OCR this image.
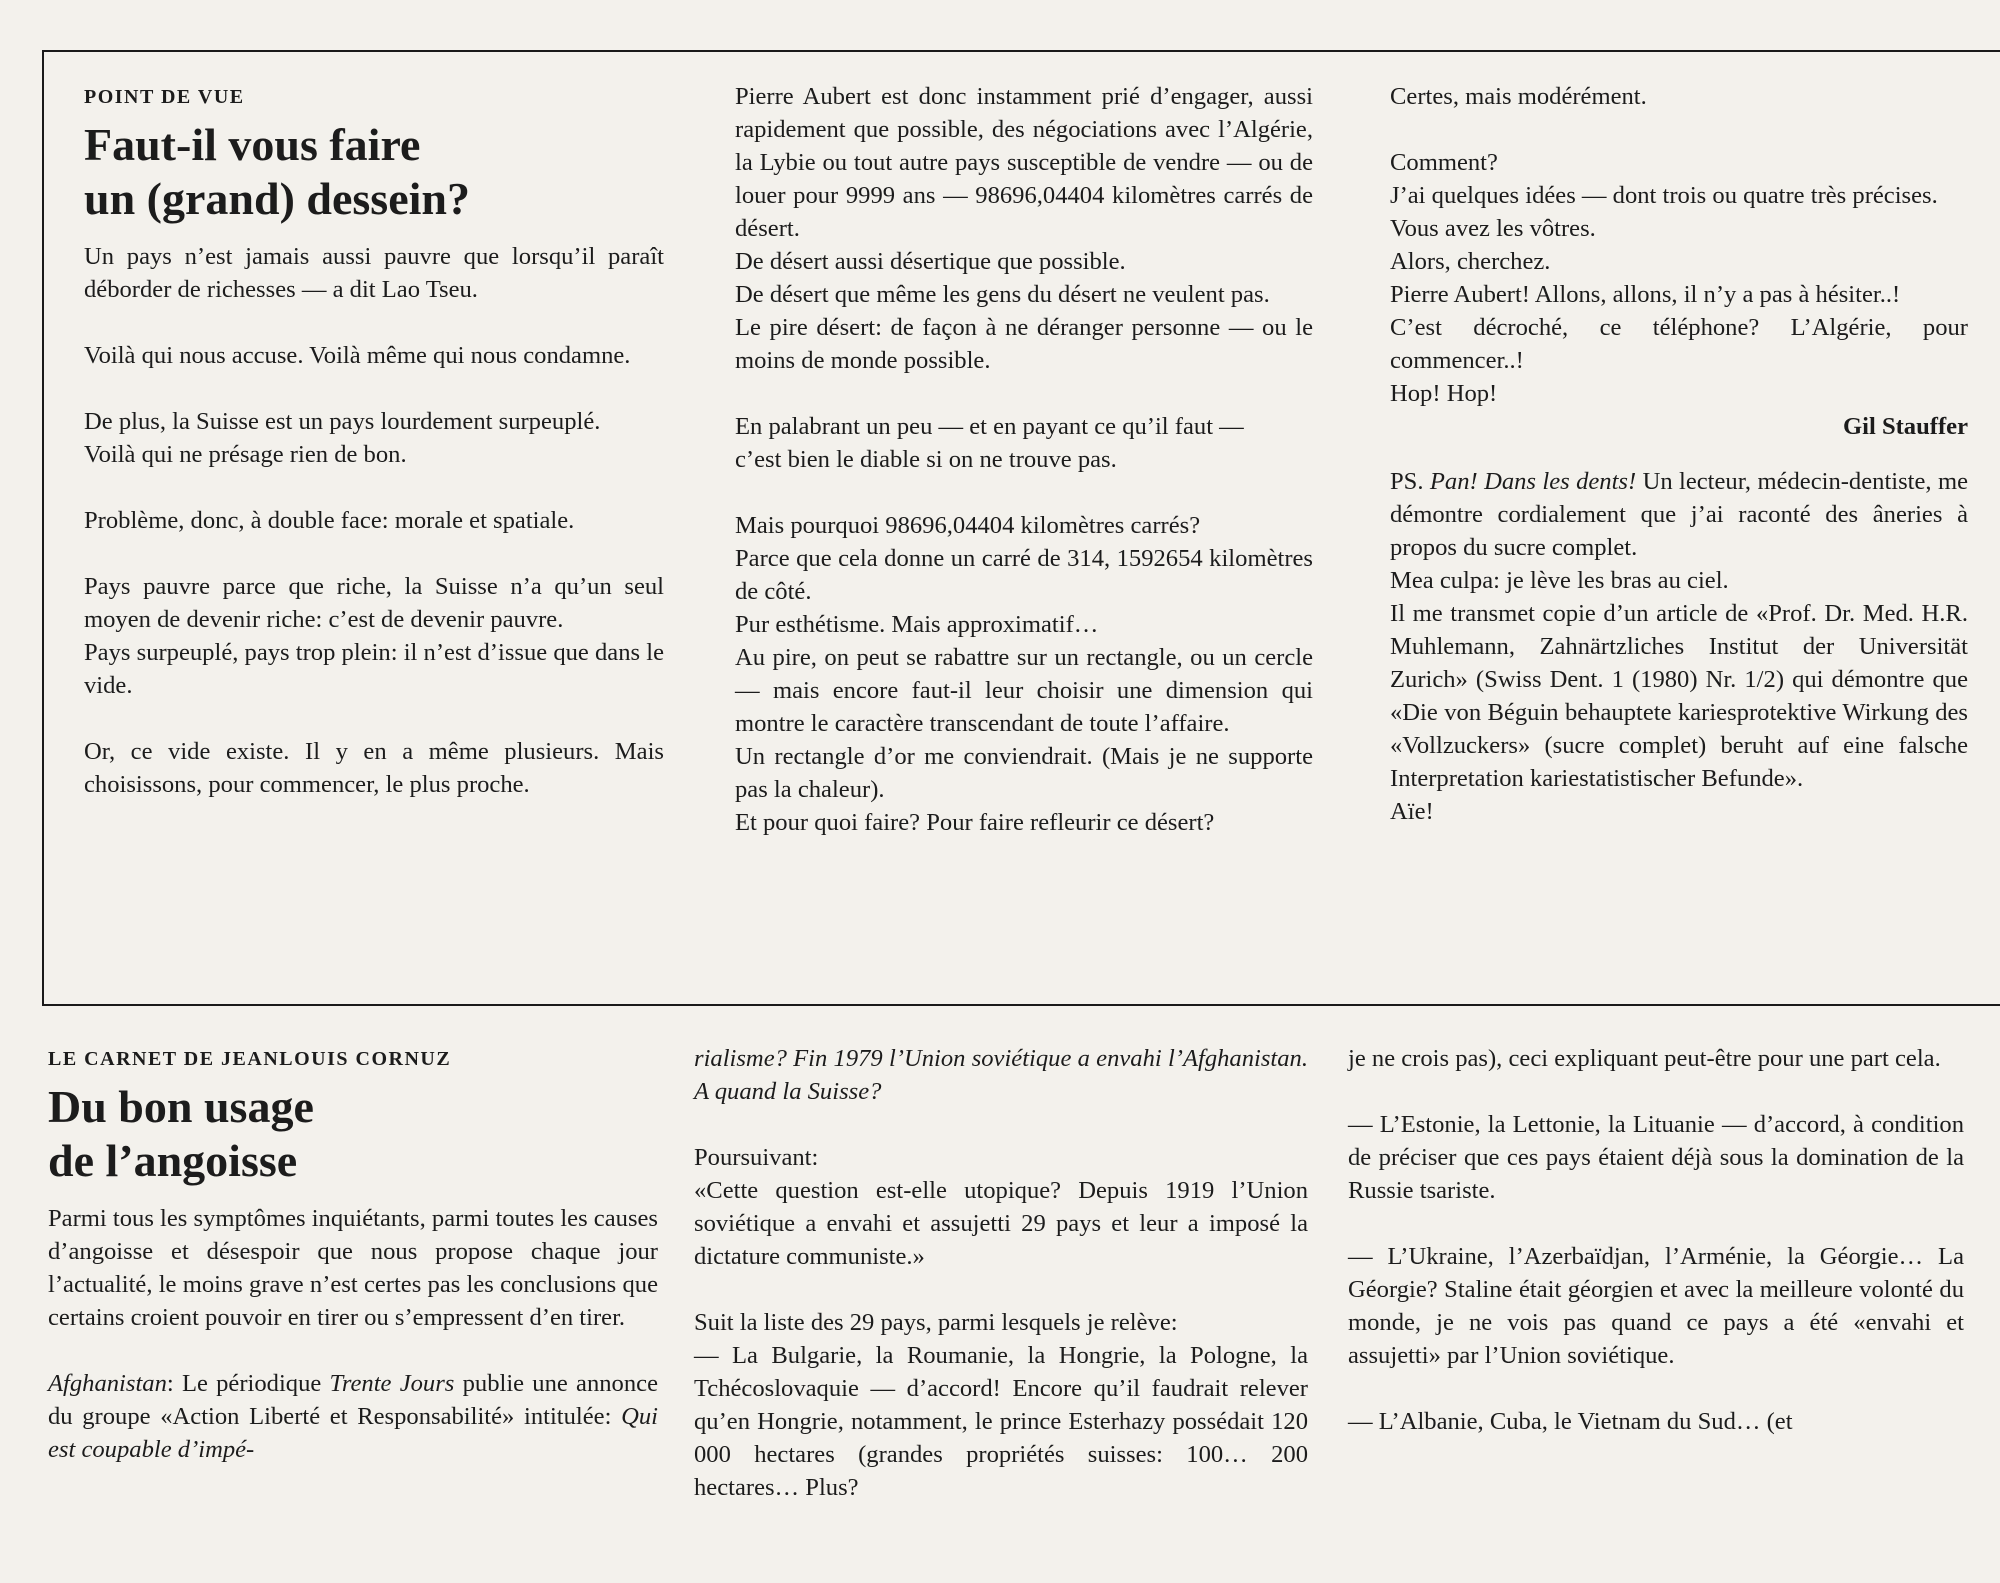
POINT DE VUE

Faut-il vous faire
un (grand) dessein?

Un pays n’est jamais aussi pauvre que lorsqu’il paraît déborder de richesses — a dit Lao Tseu.

Voilà qui nous accuse. Voilà même qui nous condamne.

De plus, la Suisse est un pays lourdement surpeuplé.

Voilà qui ne présage rien de bon.

Problème, donc, à double face: morale et spatiale.

Pays pauvre parce que riche, la Suisse n’a qu’un seul moyen de devenir riche: c’est de devenir pauvre.

Pays surpeuplé, pays trop plein: il n’est d’issue que dans le vide.

Or, ce vide existe. Il y en a même plusieurs. Mais choisissons, pour commencer, le plus proche.

Pierre Aubert est donc instamment prié d’engager, aussi rapidement que possible, des négociations avec l’Algérie, la Lybie ou tout autre pays susceptible de vendre — ou de louer pour 9999 ans — 98696,04404 kilomètres carrés de désert.

De désert aussi désertique que possible.

De désert que même les gens du désert ne veulent pas.

Le pire désert: de façon à ne déranger personne — ou le moins de monde possible.

En palabrant un peu — et en payant ce qu’il faut —

c’est bien le diable si on ne trouve pas.

Mais pourquoi 98696,04404 kilomètres carrés?

Parce que cela donne un carré de 314, 1592654 kilomètres de côté.

Pur esthétisme. Mais approximatif…

Au pire, on peut se rabattre sur un rectangle, ou un cercle — mais encore faut-il leur choisir une dimension qui montre le caractère transcendant de toute l’affaire.

Un rectangle d’or me conviendrait. (Mais je ne supporte pas la chaleur).

Et pour quoi faire? Pour faire refleurir ce désert?

Certes, mais modérément.

Comment?

J’ai quelques idées — dont trois ou quatre très précises.

Vous avez les vôtres.

Alors, cherchez.

Pierre Aubert! Allons, allons, il n’y a pas à hésiter..!

C’est décroché, ce téléphone? L’Algérie, pour commencer..!

Hop! Hop!

Gil Stauffer

PS. Pan! Dans les dents! Un lecteur, médecin-dentiste, me démontre cordialement que j’ai raconté des âneries à propos du sucre complet.

Mea culpa: je lève les bras au ciel.

Il me transmet copie d’un article de «Prof. Dr. Med. H.R. Muhlemann, Zahnärtzliches Institut der Universität Zurich» (Swiss Dent. 1 (1980) Nr. 1/2) qui démontre que «Die von Béguin behauptete kariesprotektive Wirkung des «Vollzuckers» (sucre complet) beruht auf eine falsche Interpretation kariestatistischer Befunde».

Aïe!

LE CARNET DE JEANLOUIS CORNUZ

Du bon usage
de l’angoisse

Parmi tous les symptômes inquiétants, parmi toutes les causes d’angoisse et désespoir que nous propose chaque jour l’actualité, le moins grave n’est certes pas les conclusions que certains croient pouvoir en tirer ou s’empressent d’en tirer.

Afghanistan: Le périodique Trente Jours publie une annonce du groupe «Action Liberté et Responsabilité» intitulée: Qui est coupable d’impé-

rialisme? Fin 1979 l’Union soviétique a envahi l’Afghanistan. A quand la Suisse?

Poursuivant:

«Cette question est-elle utopique? Depuis 1919 l’Union soviétique a envahi et assujetti 29 pays et leur a imposé la dictature communiste.»

Suit la liste des 29 pays, parmi lesquels je relève:

— La Bulgarie, la Roumanie, la Hongrie, la Pologne, la Tchécoslovaquie — d’accord! Encore qu’il faudrait relever qu’en Hongrie, notamment, le prince Esterhazy possédait 120 000 hectares (grandes propriétés suisses: 100… 200 hectares… Plus?

je ne crois pas), ceci expliquant peut-être pour une part cela.

— L’Estonie, la Lettonie, la Lituanie — d’accord, à condition de préciser que ces pays étaient déjà sous la domination de la Russie tsariste.

— L’Ukraine, l’Azerbaïdjan, l’Arménie, la Géorgie… La Géorgie? Staline était géorgien et avec la meilleure volonté du monde, je ne vois pas quand ce pays a été «envahi et assujetti» par l’Union soviétique.

— L’Albanie, Cuba, le Vietnam du Sud… (et
